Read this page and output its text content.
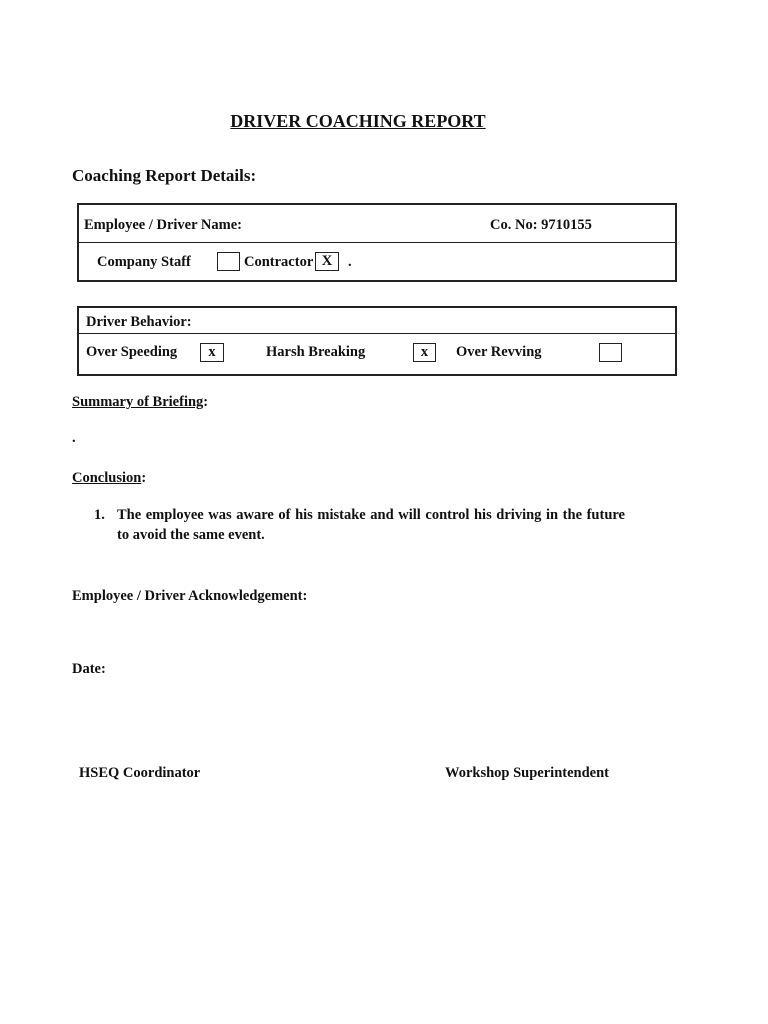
DRIVER COACHING REPORT
Coaching Report Details:
Employee / Driver Name:	Co. No: 9710155
Company Staff	Contractor X	.
Driver Behavior:
Over Speeding	x	Harsh Breaking	x	Over Revving
Summary of Briefing:
.
Conclusion:
1. The employee was aware of his mistake and will control his driving in the future to avoid the same event.
Employee / Driver Acknowledgement:
Date:
HSEQ Coordinator	Workshop Superintendent
